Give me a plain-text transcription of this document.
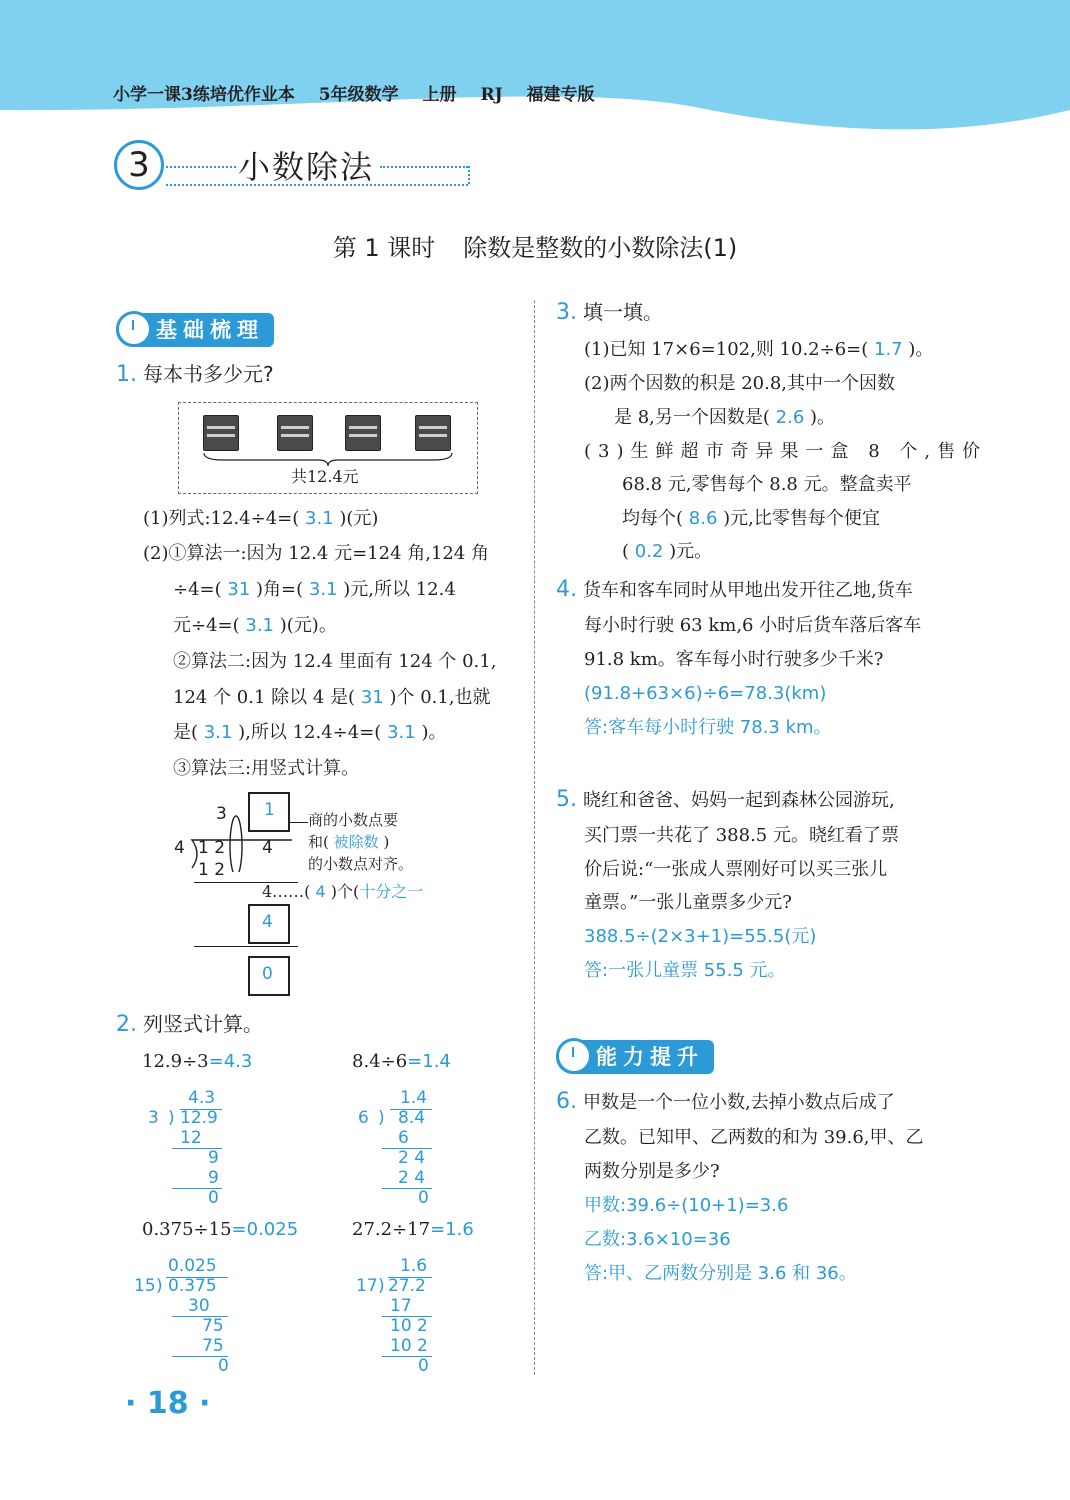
小学一课3练培优作业本 5年级数学 上册 RJ 福建专版
3	小数除法
第 1 课时 除数是整数的小数除法(1)
基础梳理
1. 每本书多少元?
共12.4元
(1)列式:12.4÷4=( 3.1 )(元)
(2)①算法一:因为 12.4 元=124 角,124 角
÷4=( 31 )角=( 3.1 )元,所以 12.4
元÷4=( 3.1 )(元)。
②算法二:因为 12.4 里面有 124 个 0.1,
124 个 0.1 除以 4 是( 31 )个 0.1,也就
是( 3.1 ),所以 12.4÷4=( 3.1 )。
③算法三:用竖式计算。
3 1
4 1 2 4
1 2
商的小数点要
和( 被除数 )
的小数点对齐。
4……( 4 )个(十分之一
4
0
2. 列竖式计算。
12.9÷3=4.3
4.3
3 ) 12.9
12
9
9
0
8.4÷6=1.4
1.4
6 ) 8.4
6
2 4
2 4
0
0.375÷15=0.025
0.025
15 ) 0.375
30
75
75
0
27.2÷17=1.6
1.6
17 ) 27.2
17
10 2
10 2
0
3. 填一填。
(1)已知 17×6=102,则 10.2÷6=( 1.7 )。
(2)两个因数的积是 20.8,其中一个因数
是 8,另一个因数是( 2.6 )。
(3)生鲜超市奇异果一盒 8 个,售价
68.8 元,零售每个 8.8 元。整盒卖平
均每个( 8.6 )元,比零售每个便宜
( 0.2 )元。
4. 货车和客车同时从甲地出发开往乙地,货车
每小时行驶 63 km,6 小时后货车落后客车
91.8 km。客车每小时行驶多少千米?
(91.8+63×6)÷6=78.3(km)
答:客车每小时行驶 78.3 km。
5. 晓红和爸爸、妈妈一起到森林公园游玩,
买门票一共花了 388.5 元。晓红看了票
价后说:“一张成人票刚好可以买三张儿
童票。”一张儿童票多少元?
388.5÷(2×3+1)=55.5(元)
答:一张儿童票 55.5 元。
能力提升
6. 甲数是一个一位小数,去掉小数点后成了
乙数。已知甲、乙两数的和为 39.6,甲、乙
两数分别是多少?
甲数:39.6÷(10+1)=3.6
乙数:3.6×10=36
答:甲、乙两数分别是 3.6 和 36。
· 18 ·
